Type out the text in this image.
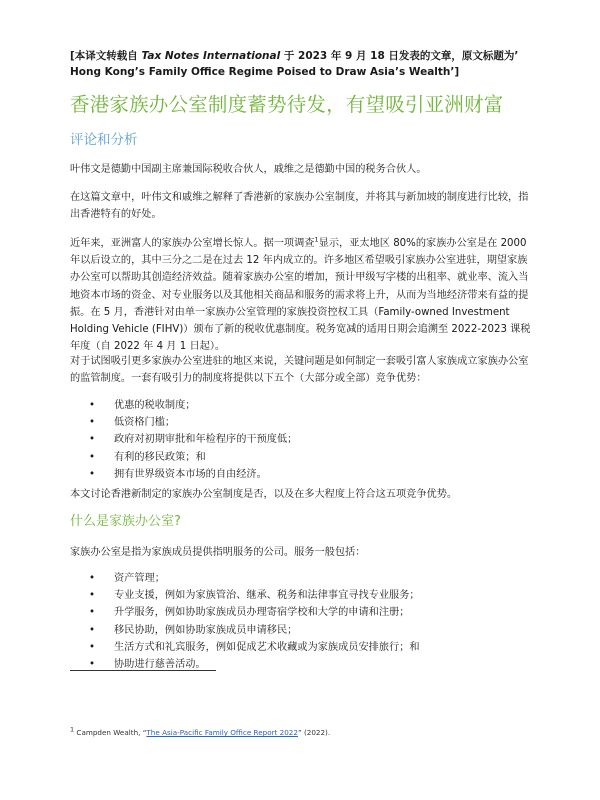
[本译文转载自 Tax Notes International 于 2023 年 9 月 18 日发表的文章，原文标题为’ Hong Kong’s Family Office Regime Poised to Draw Asia’s Wealth’]
香港家族办公室制度蓄势待发，有望吸引亚洲财富
评论和分析

叶伟文是德勤中国副主席兼国际税收合伙人，戚维之是德勤中国的税务合伙人。

在这篇文章中，叶伟文和戚维之解释了香港新的家族办公室制度，并将其与新加坡的制度进行比较，指出香港特有的好处。

近年来，亚洲富人的家族办公室增长惊人。据一项调查$^1$显示，亚太地区 80%的家族办公室是在 2000 年以后设立的，其中三分之二是在过去 12 年内成立的。许多地区希望吸引家族办公室进驻，期望家族办公室可以帮助其创造经济效益。随着家族办公室的增加，预计甲级写字楼的出租率、就业率、流入当地资本市场的资金、对专业服务以及其他相关商品和服务的需求将上升，从而为当地经济带来有益的提振。在 5 月，香港针对由单一家族办公室管理的家族投资控权工具（Family-owned Investment Holding Vehicle (FIHV)）颁布了新的税收优惠制度。税务宽减的适用日期会追溯至 2022-2023 课税年度（自 2022 年 4 月 1 日起）。

对于试图吸引更多家族办公室进驻的地区来说，关键问题是如何制定一套吸引富人家族成立家族办公室的监管制度。一套有吸引力的制度将提供以下五个（大部分或全部）竞争优势：

• 优惠的税收制度；
• 低资格门槛；
• 政府对初期审批和年检程序的干预度低；
• 有利的移民政策；和
• 拥有世界级资本市场的自由经济。

本文讨论香港新制定的家族办公室制度是否，以及在多大程度上符合这五项竞争优势。

什么是家族办公室?

家族办公室是指为家族成员提供指明服务的公司。服务一般包括：

• 资产管理；
• 专业支援，例如为家族管治、继承、税务和法律事宜寻找专业服务；
• 升学服务，例如协助家族成员办理寄宿学校和大学的申请和注册；
• 移民协助，例如协助家族成员申请移民；
• 生活方式和礼宾服务，例如促成艺术收藏或为家族成员安排旅行；和
• 协助进行慈善活动。
$^1$ Campden Wealth, “The Asia-Pacific Family Office Report 2022” (2022).
